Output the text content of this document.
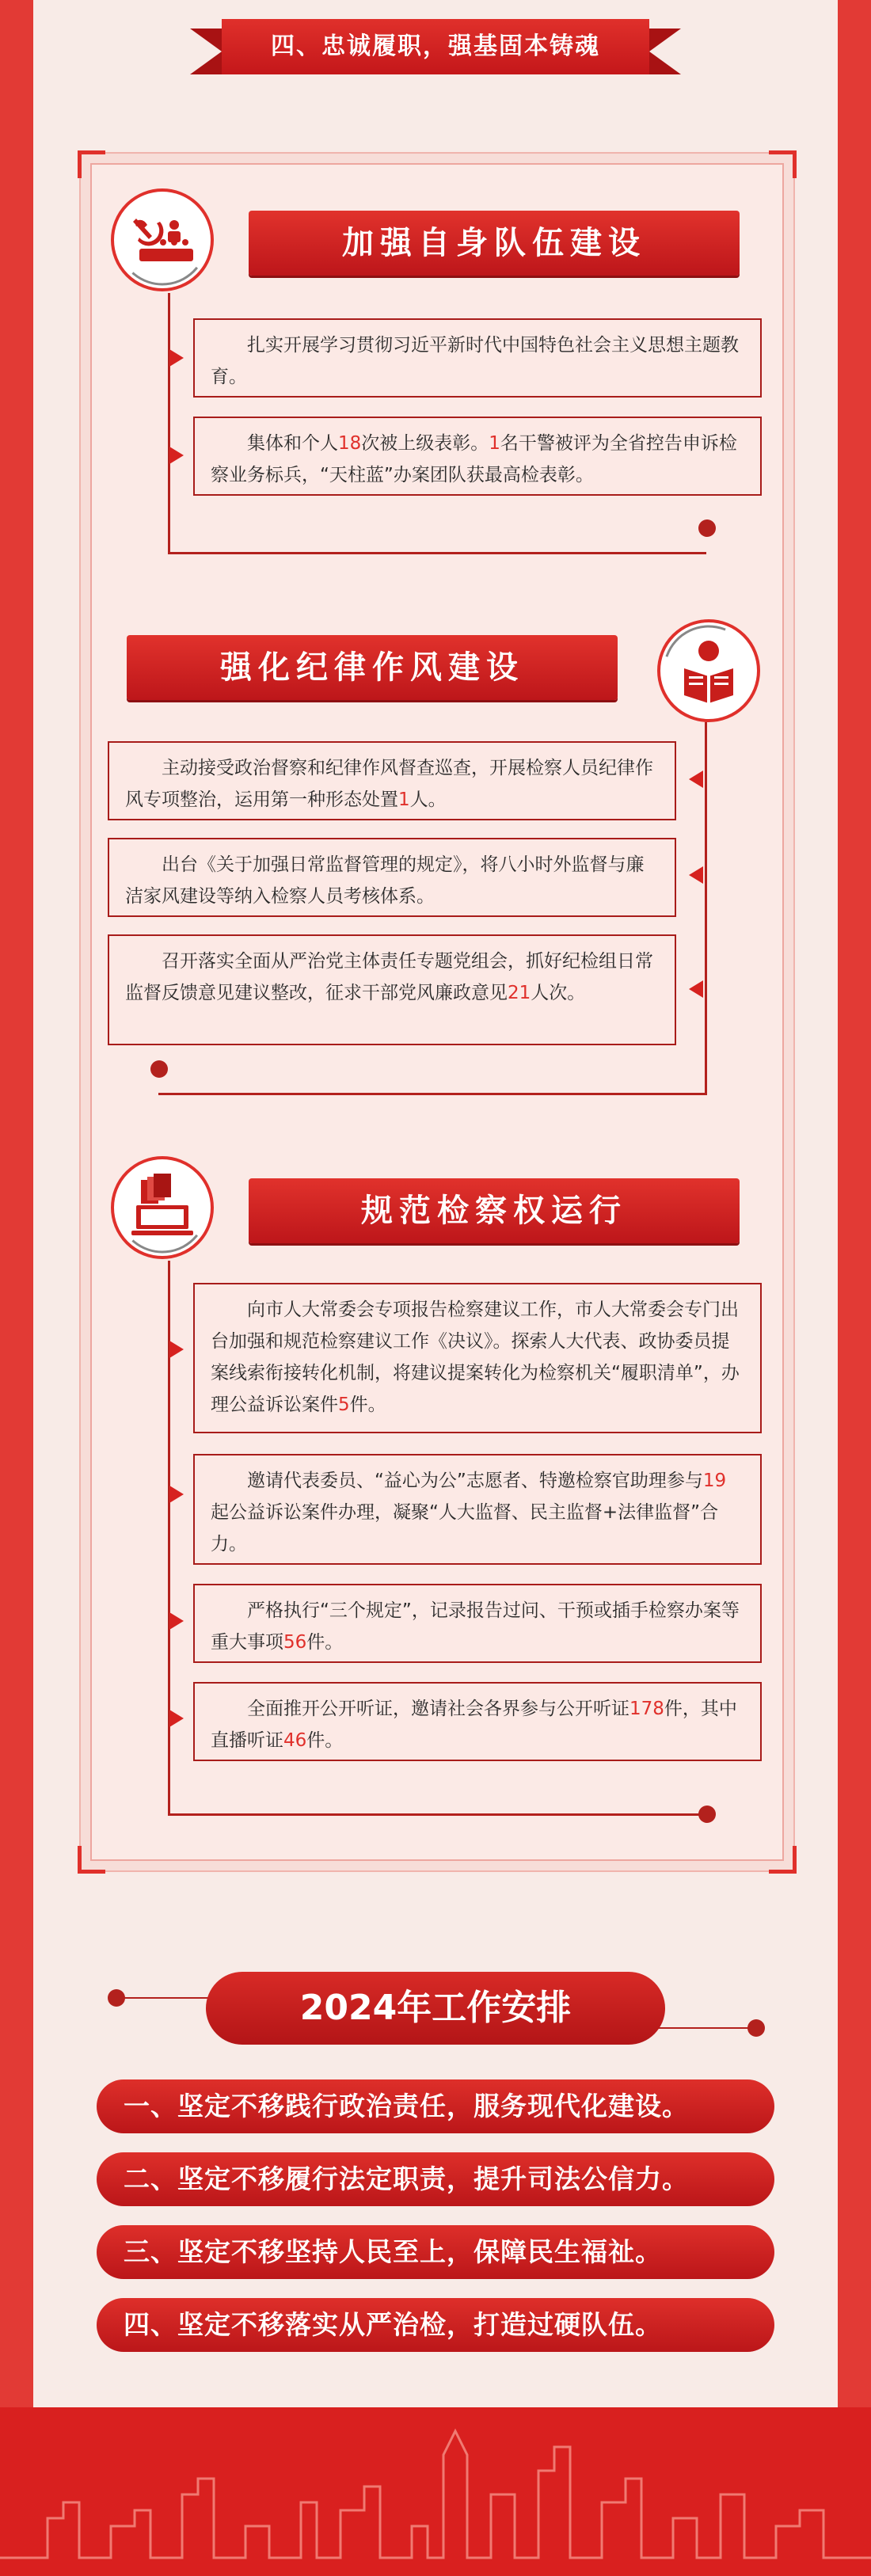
四、忠诚履职，强基固本铸魂
加强自身队伍建设
扎实开展学习贯彻习近平新时代中国特色社会主义思想主题教育。
集体和个人18次被上级表彰。1名干警被评为全省控告申诉检察业务标兵，“天柱蓝”办案团队获最高检表彰。
强化纪律作风建设
主动接受政治督察和纪律作风督查巡查，开展检察人员纪律作风专项整治，运用第一种形态处置1人。
出台《关于加强日常监督管理的规定》，将八小时外监督与廉洁家风建设等纳入检察人员考核体系。
召开落实全面从严治党主体责任专题党组会，抓好纪检组日常监督反馈意见建议整改，征求干部党风廉政意见21人次。
规范检察权运行
向市人大常委会专项报告检察建议工作，市人大常委会专门出台加强和规范检察建议工作《决议》。探索人大代表、政协委员提案线索衔接转化机制，将建议提案转化为检察机关“履职清单”，办理公益诉讼案件5件。
邀请代表委员、“益心为公”志愿者、特邀检察官助理参与19起公益诉讼案件办理，凝聚“人大监督、民主监督+法律监督”合力。
严格执行“三个规定”，记录报告过问、干预或插手检察办案等重大事项56件。
全面推开公开听证，邀请社会各界参与公开听证178件，其中直播听证46件。
2024年工作安排
一、坚定不移践行政治责任，服务现代化建设。
二、坚定不移履行法定职责，提升司法公信力。
三、坚定不移坚持人民至上，保障民生福祉。
四、坚定不移落实从严治检，打造过硬队伍。
